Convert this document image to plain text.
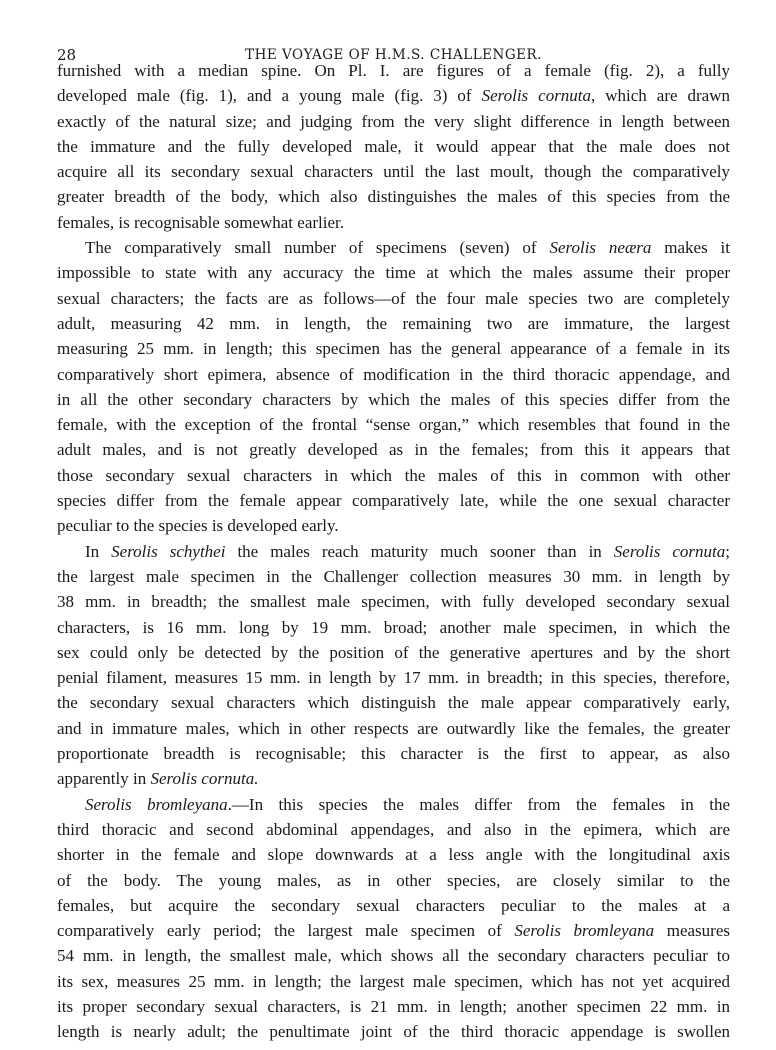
28	THE VOYAGE OF H.M.S. CHALLENGER.
furnished with a median spine. On Pl. I. are figures of a female (fig. 2), a fully
developed male (fig. 1), and a young male (fig. 3) of Serolis cornuta, which are drawn
exactly of the natural size; and judging from the very slight difference in length between
the immature and the fully developed male, it would appear that the male does not
acquire all its secondary sexual characters until the last moult, though the comparatively
greater breadth of the body, which also distinguishes the males of this species from the
females, is recognisable somewhat earlier.
The comparatively small number of specimens (seven) of Serolis neæra makes it
impossible to state with any accuracy the time at which the males assume their proper
sexual characters; the facts are as follows—of the four male species two are completely
adult, measuring 42 mm. in length, the remaining two are immature, the largest
measuring 25 mm. in length; this specimen has the general appearance of a female in its
comparatively short epimera, absence of modification in the third thoracic appendage, and
in all the other secondary characters by which the males of this species differ from the
female, with the exception of the frontal “sense organ,” which resembles that found in the
adult males, and is not greatly developed as in the females; from this it appears that
those secondary sexual characters in which the males of this in common with other
species differ from the female appear comparatively late, while the one sexual character
peculiar to the species is developed early.
In Serolis schythei the males reach maturity much sooner than in Serolis cornuta;
the largest male specimen in the Challenger collection measures 30 mm. in length by
38 mm. in breadth; the smallest male specimen, with fully developed secondary sexual
characters, is 16 mm. long by 19 mm. broad; another male specimen, in which the
sex could only be detected by the position of the generative apertures and by the short
penial filament, measures 15 mm. in length by 17 mm. in breadth; in this species, therefore,
the secondary sexual characters which distinguish the male appear comparatively early,
and in immature males, which in other respects are outwardly like the females, the greater
proportionate breadth is recognisable; this character is the first to appear, as also
apparently in Serolis cornuta.
Serolis bromleyana.—In this species the males differ from the females in the
third thoracic and second abdominal appendages, and also in the epimera, which are
shorter in the female and slope downwards at a less angle with the longitudinal axis
of the body. The young males, as in other species, are closely similar to the
females, but acquire the secondary sexual characters peculiar to the males at a
comparatively early period; the largest male specimen of Serolis bromleyana measures
54 mm. in length, the smallest male, which shows all the secondary characters peculiar to
its sex, measures 25 mm. in length; the largest male specimen, which has not yet acquired
its proper secondary sexual characters, is 21 mm. in length; another specimen 22 mm. in
length is nearly adult; the penultimate joint of the third thoracic appendage is swollen
